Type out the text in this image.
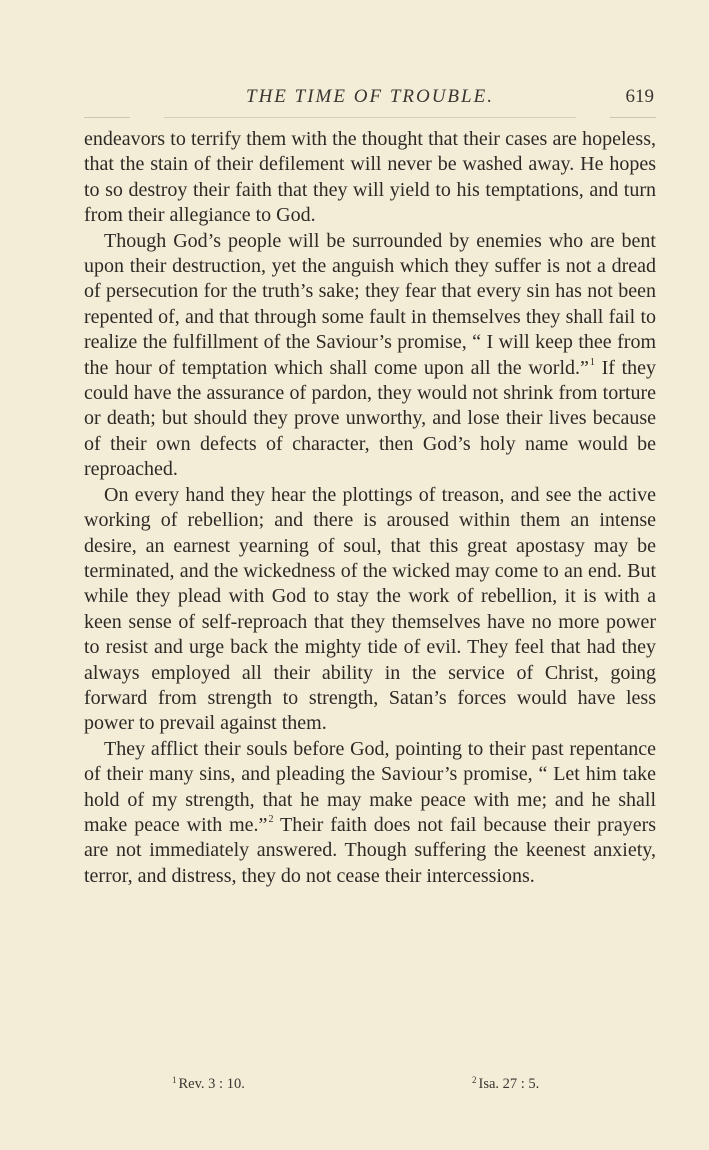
THE TIME OF TROUBLE.	619

endeavors to terrify them with the thought that their cases are hopeless, that the stain of their defilement will never be washed away. He hopes to so destroy their faith that they will yield to his temptations, and turn from their allegiance to God.

Though God’s people will be surrounded by enemies who are bent upon their destruction, yet the anguish which they suffer is not a dread of persecution for the truth’s sake; they fear that every sin has not been repented of, and that through some fault in themselves they shall fail to realize the fulfillment of the Saviour’s promise, “ I will keep thee from the hour of temptation which shall come upon all the world.”$^1$ If they could have the assurance of pardon, they would not shrink from torture or death; but should they prove unworthy, and lose their lives because of their own defects of character, then God’s holy name would be reproached.

On every hand they hear the plottings of treason, and see the active working of rebellion; and there is aroused within them an intense desire, an earnest yearning of soul, that this great apostasy may be terminated, and the wickedness of the wicked may come to an end. But while they plead with God to stay the work of rebellion, it is with a keen sense of self-reproach that they themselves have no more power to resist and urge back the mighty tide of evil. They feel that had they always employed all their ability in the service of Christ, going forward from strength to strength, Satan’s forces would have less power to prevail against them.

They afflict their souls before God, pointing to their past repentance of their many sins, and pleading the Saviour’s promise, “ Let him take hold of my strength, that he may make peace with me; and he shall make peace with me.”$^2$ Their faith does not fail because their prayers are not immediately answered. Though suffering the keenest anxiety, terror, and distress, they do not cease their intercessions.

$^1$ Rev. 3 : 10.	$^2$ Isa. 27 : 5.
